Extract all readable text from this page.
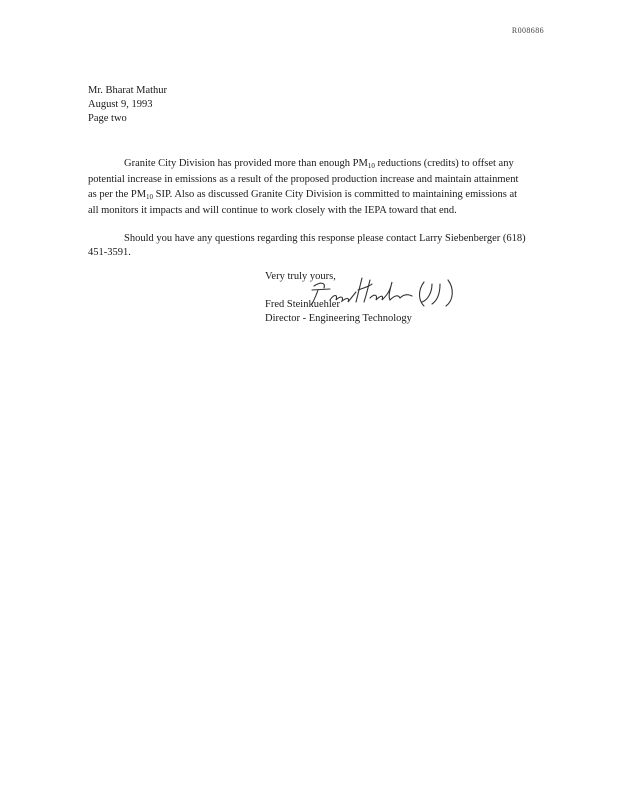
R008686
Mr. Bharat Mathur
August 9, 1993
Page two
Granite City Division has provided more than enough $PM_{10}$ reductions (credits) to offset any potential increase in emissions as a result of the proposed production increase and maintain attainment as per the $PM_{10}$ SIP. Also as discussed Granite City Division is committed to maintaining emissions at all monitors it impacts and will continue to work closely with the IEPA toward that end.
Should you have any questions regarding this response please contact Larry Siebenberger (618) 451-3591.
Very truly yours,
Fred Steinkuehler
Director - Engineering Technology
